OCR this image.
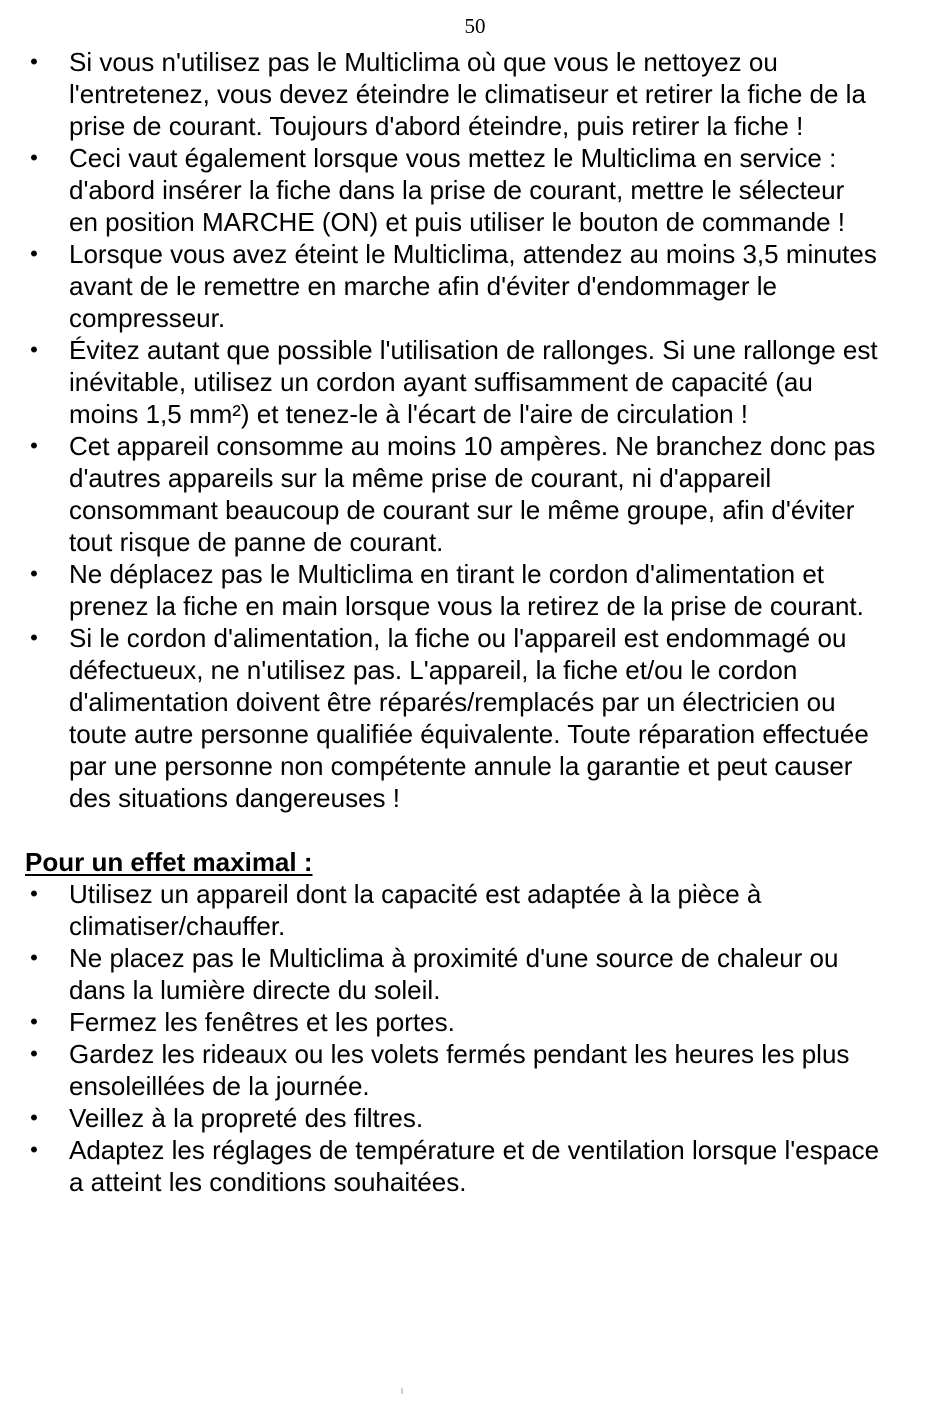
50
• Si vous n'utilisez pas le Multiclima où que vous le nettoyez ou l'entretenez, vous devez éteindre le climatiseur et retirer la fiche de la prise de courant. Toujours d'abord éteindre, puis retirer la fiche !
• Ceci vaut également lorsque vous mettez le Multiclima en service : d'abord insérer la fiche dans la prise de courant, mettre le sélecteur en position MARCHE (ON) et puis utiliser le bouton de commande !
• Lorsque vous avez éteint le Multiclima, attendez au moins 3,5 minutes avant de le remettre en marche afin d'éviter d'endommager le compresseur.
• Évitez autant que possible l'utilisation de rallonges. Si une rallonge est inévitable, utilisez un cordon ayant suffisamment de capacité (au moins 1,5 mm²) et tenez-le à l'écart de l'aire de circulation !
• Cet appareil consomme au moins 10 ampères. Ne branchez donc pas d'autres appareils sur la même prise de courant, ni d'appareil consommant beaucoup de courant sur le même groupe, afin d'éviter tout risque de panne de courant.
• Ne déplacez pas le Multiclima en tirant le cordon d'alimentation et prenez la fiche en main lorsque vous la retirez de la prise de courant.
• Si le cordon d'alimentation, la fiche ou l'appareil est endommagé ou défectueux, ne n'utilisez pas. L'appareil, la fiche et/ou le cordon d'alimentation doivent être réparés/remplacés par un électricien ou toute autre personne qualifiée équivalente. Toute réparation effectuée par une personne non compétente annule la garantie et peut causer des situations dangereuses !
Pour un effet maximal :
• Utilisez un appareil dont la capacité est adaptée à la pièce à climatiser/chauffer.
• Ne placez pas le Multiclima à proximité d'une source de chaleur ou dans la lumière directe du soleil.
• Fermez les fenêtres et les portes.
• Gardez les rideaux ou les volets fermés pendant les heures les plus ensoleillées de la journée.
• Veillez à la propreté des filtres.
• Adaptez les réglages de température et de ventilation lorsque l'espace a atteint les conditions souhaitées.
